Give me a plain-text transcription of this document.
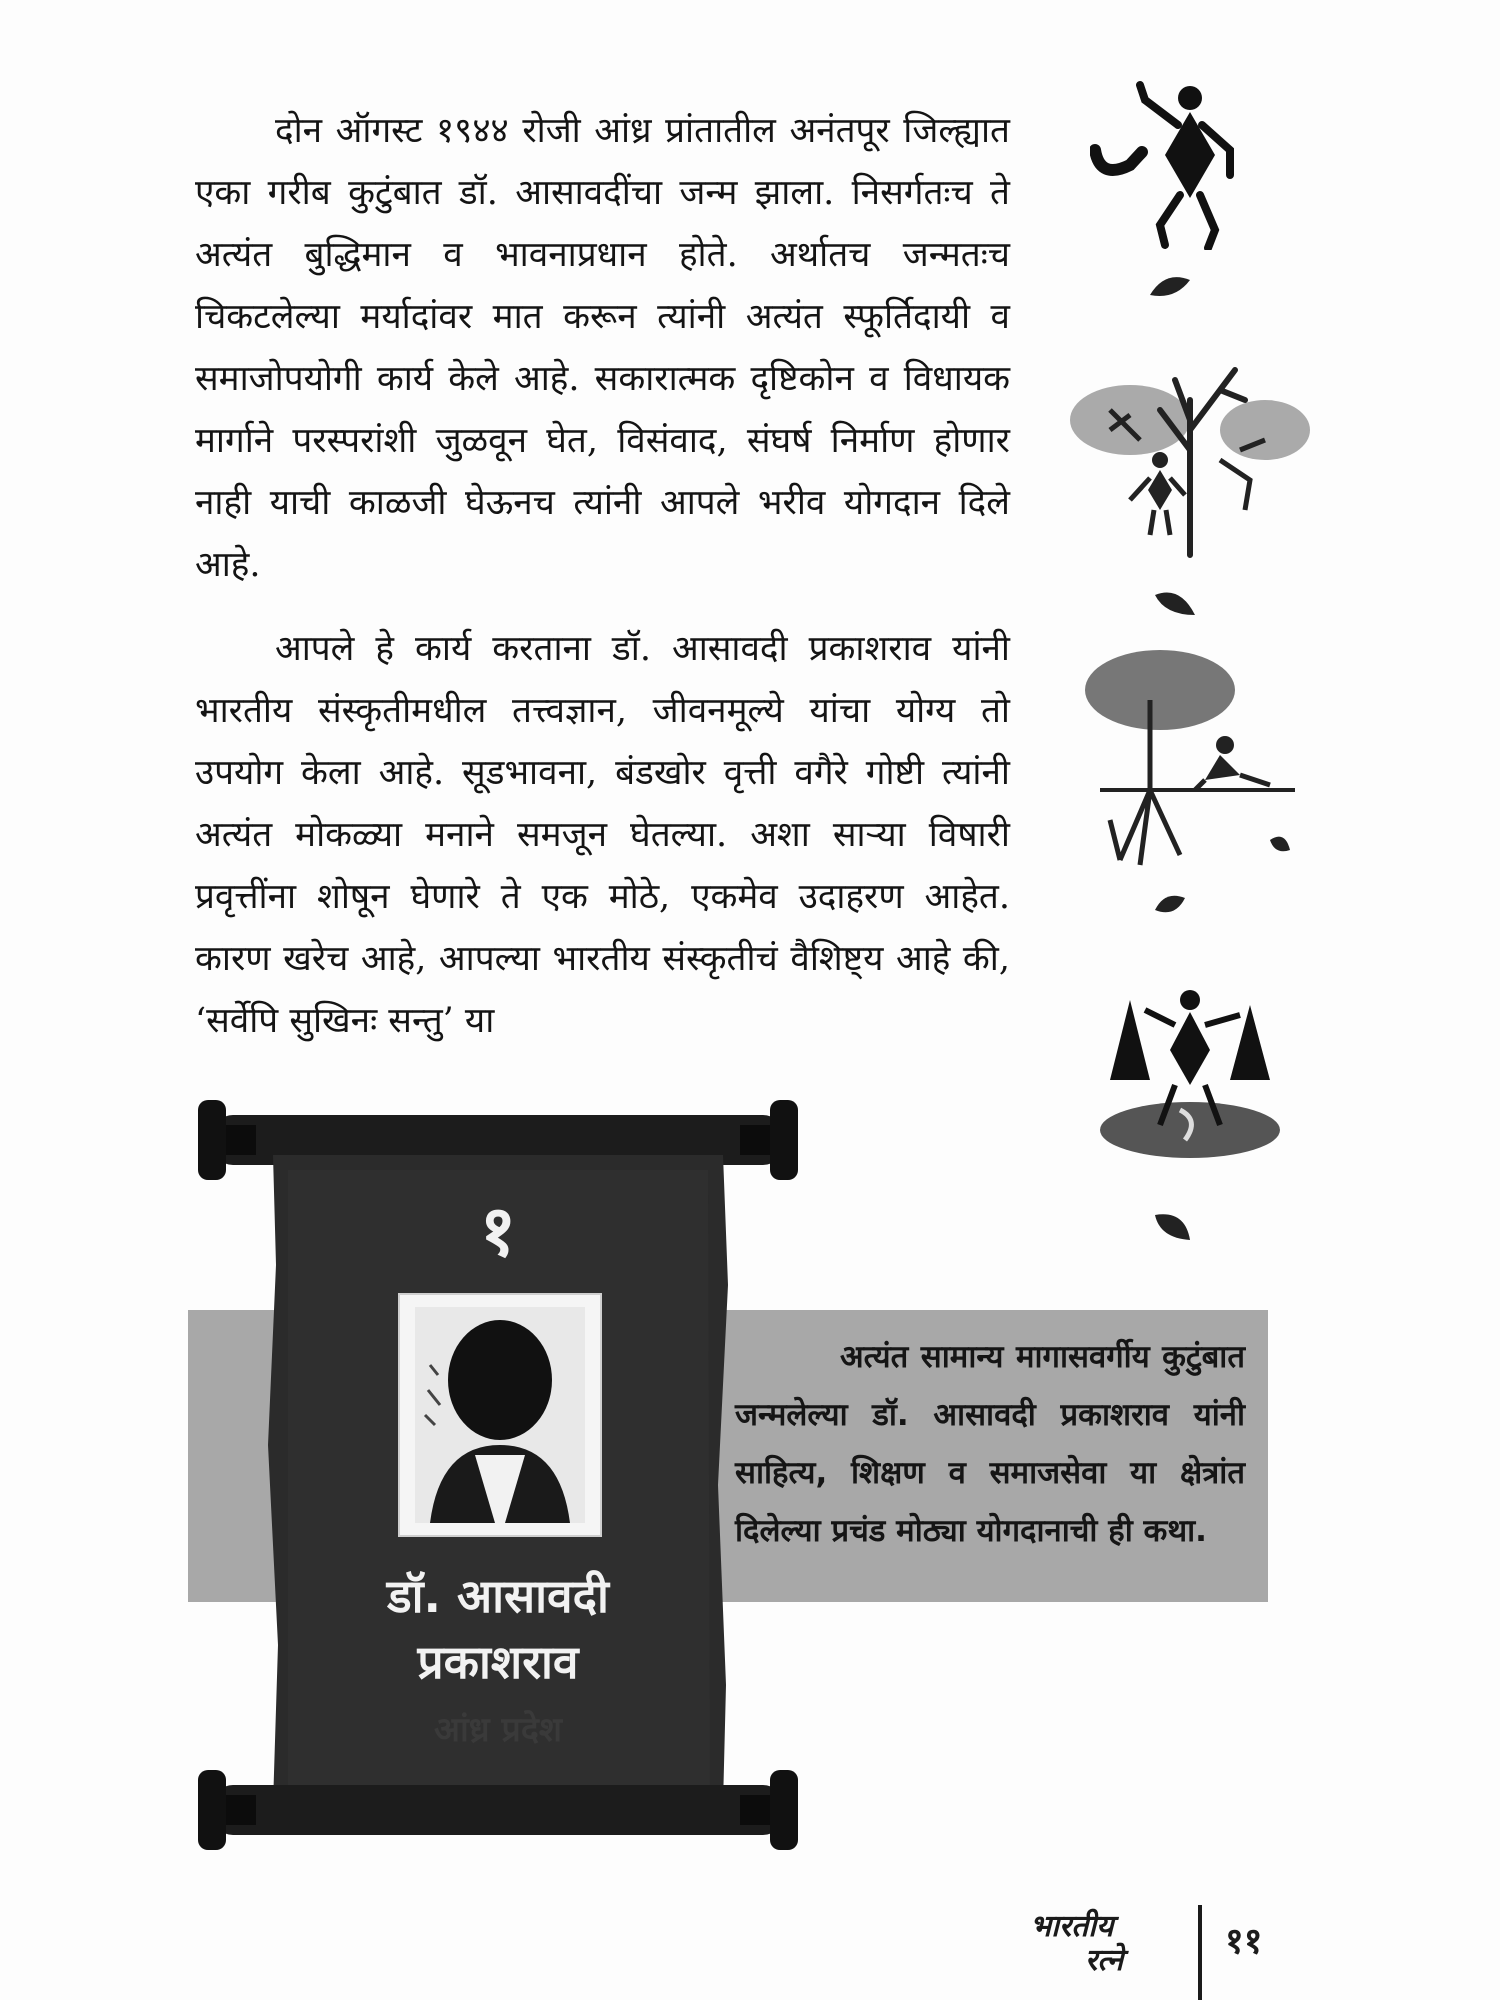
दोन ऑगस्ट १९४४ रोजी आंध्र प्रांतातील अनंतपूर जिल्ह्यात एका गरीब कुटुंबात डॉ. आसावदींचा जन्म झाला. निसर्गतःच ते अत्यंत बुद्धिमान व भावनाप्रधान होते. अर्थातच जन्मतःच चिकटलेल्या मर्यादांवर मात करून त्यांनी अत्यंत स्फूर्तिदायी व समाजोपयोगी कार्य केले आहे. सकारात्मक दृष्टिकोन व विधायक मार्गाने परस्परांशी जुळवून घेत, विसंवाद, संघर्ष निर्माण होणार नाही याची काळजी घेऊनच त्यांनी आपले भरीव योगदान दिले आहे.

आपले हे कार्य करताना डॉ. आसावदी प्रकाशराव यांनी भारतीय संस्कृतीमधील तत्त्वज्ञान, जीवनमूल्ये यांचा योग्य तो उपयोग केला आहे. सूडभावना, बंडखोर वृत्ती वगैरे गोष्टी त्यांनी अत्यंत मोकळ्या मनाने समजून घेतल्या. अशा साऱ्या विषारी प्रवृत्तींना शोषून घेणारे ते एक मोठे, एकमेव उदाहरण आहेत. कारण खरेच आहे, आपल्या भारतीय संस्कृतीचं वैशिष्ट्य आहे की, ‘सर्वेपि सुखिनः सन्तु’ या

अत्यंत सामान्य मागासवर्गीय कुटुंबात जन्मलेल्या डॉ. आसावदी प्रकाशराव यांनी साहित्य, शिक्षण व समाजसेवा या क्षेत्रांत दिलेल्या प्रचंड मोठ्या योगदानाची ही कथा.

१
डॉ. आसावदी
प्रकाशराव
आंध्र प्रदेश
भारतीय
रत्ने	११
